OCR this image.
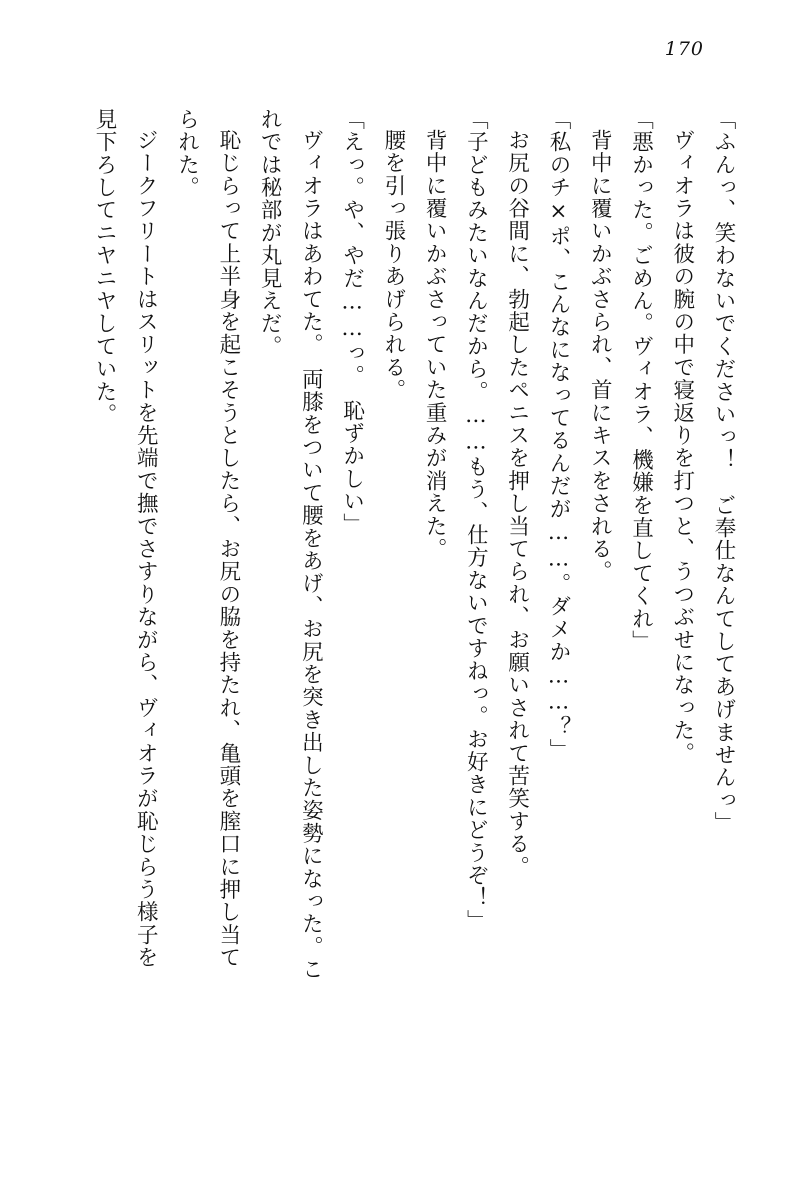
170

「ふんっ、笑わないでくださいっ！　ご奉仕なんてしてあげませんっ」

ヴィオラは彼の腕の中で寝返りを打つと、うつぶせになった。

「悪かった。ごめん。ヴィオラ、機嫌を直してくれ」

背中に覆いかぶさられ、首にキスをされる。

「私のチ×ポ、こんなになってるんだが……。ダメか……？」

お尻の谷間に、勃起したペニスを押し当てられ、お願いされて苦笑する。

「子どもみたいなんだから。……もう、仕方ないですねっ。お好きにどうぞ！」

背中に覆いかぶさっていた重みが消えた。

腰を引っ張りあげられる。

「えっ。や、やだ……っ。　恥ずかしい」

ヴィオラはあわてた。　両膝をついて腰をあげ、お尻を突き出した姿勢になった。こ

れでは秘部が丸見えだ。

恥じらって上半身を起こそうとしたら、お尻の脇を持たれ、亀頭を膣口に押し当て

られた。

ジークフリートはスリットを先端で撫でさすりながら、ヴィオラが恥じらう様子を

見下ろしてニヤニヤしていた。
